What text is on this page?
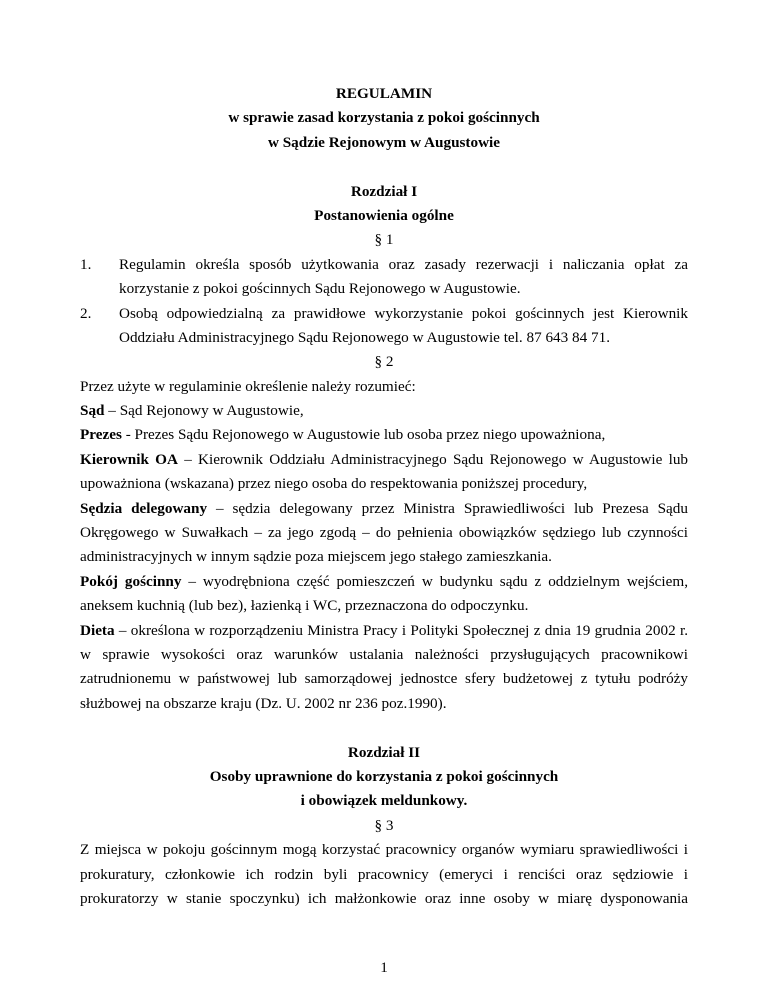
REGULAMIN
w sprawie zasad korzystania z pokoi gościnnych
w Sądzie Rejonowym w Augustowie
Rozdział I
Postanowienia ogólne
§ 1
1.	Regulamin określa sposób użytkowania oraz zasady rezerwacji i naliczania opłat za
korzystanie z pokoi gościnnych Sądu Rejonowego w Augustowie.
2.	Osobą odpowiedzialną za prawidłowe wykorzystanie pokoi gościnnych jest Kierownik
Oddziału Administracyjnego Sądu Rejonowego w Augustowie tel. 87 643 84 71.
§ 2
Przez użyte w regulaminie określenie należy rozumieć:
Sąd – Sąd Rejonowy w Augustowie,
Prezes - Prezes Sądu Rejonowego w Augustowie lub osoba przez niego upoważniona,
Kierownik OA – Kierownik Oddziału Administracyjnego Sądu Rejonowego w Augustowie lub
upoważniona (wskazana) przez niego osoba do respektowania poniższej procedury,
Sędzia delegowany – sędzia delegowany przez Ministra Sprawiedliwości lub Prezesa Sądu
Okręgowego w Suwałkach – za jego zgodą – do pełnienia obowiązków sędziego lub czynności
administracyjnych w innym sądzie poza miejscem jego stałego zamieszkania.
Pokój gościnny – wyodrębniona część pomieszczeń w budynku sądu z oddzielnym wejściem,
aneksem kuchnią (lub bez), łazienką i WC, przeznaczona do odpoczynku.
Dieta – określona w rozporządzeniu Ministra Pracy i Polityki Społecznej z dnia 19 grudnia 2002 r.
w sprawie wysokości oraz warunków ustalania należności przysługujących pracownikowi
zatrudnionemu w państwowej lub samorządowej jednostce sfery budżetowej z tytułu podróży
służbowej na obszarze kraju (Dz. U. 2002 nr 236 poz.1990).
Rozdział II
Osoby uprawnione do korzystania z pokoi gościnnych
i obowiązek meldunkowy.
§ 3
Z miejsca w pokoju gościnnym mogą korzystać pracownicy organów wymiaru sprawiedliwości i
prokuratury, członkowie ich rodzin byli pracownicy (emeryci i renciści oraz sędziowie i
prokuratorzy w stanie spoczynku) ich małżonkowie oraz inne osoby w miarę dysponowania
1
